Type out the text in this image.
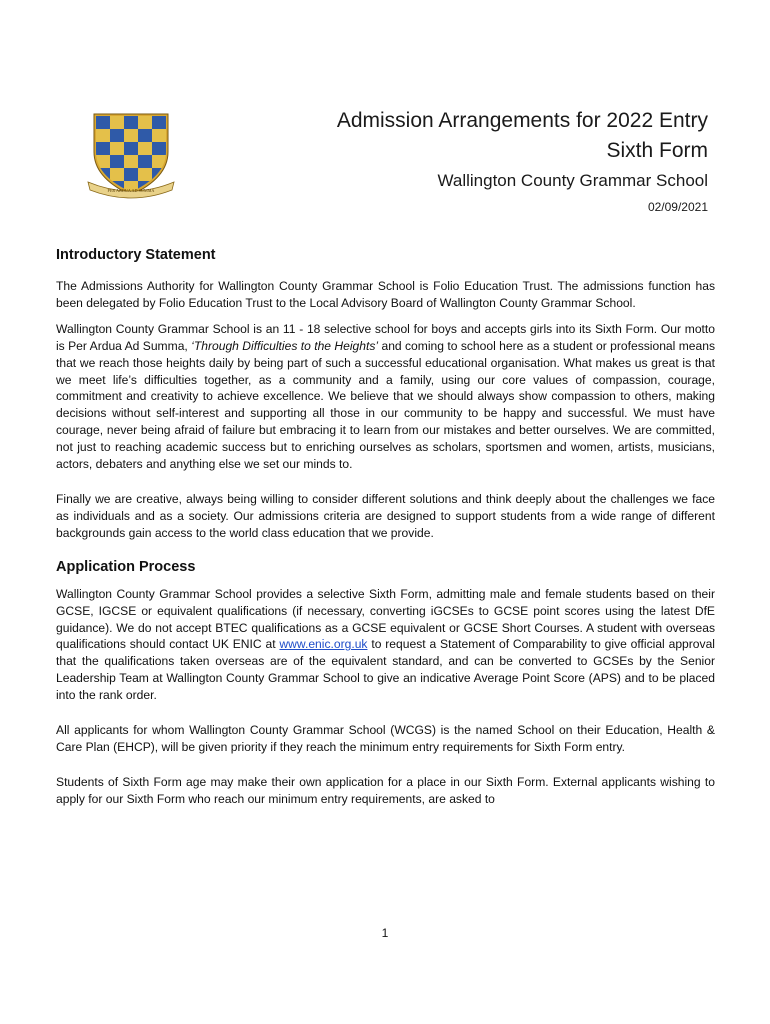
PER ARDUA AD SUMMA
Admission Arrangements for 2022 Entry
Sixth Form
Wallington County Grammar School
02/09/2021
Introductory Statement

The Admissions Authority for Wallington County Grammar School is Folio Education Trust. The admissions function has been delegated by Folio Education Trust to the Local Advisory Board of Wallington County Grammar School.

Wallington County Grammar School is an 11 - 18 selective school for boys and accepts girls into its Sixth Form. Our motto is Per Ardua Ad Summa, ‘Through Difficulties to the Heights’ and coming to school here as a student or professional means that we reach those heights daily by being part of such a successful educational organisation. What makes us great is that we meet life’s difficulties together, as a community and a family, using our core values of compassion, courage, commitment and creativity to achieve excellence. We believe that we should always show compassion to others, making decisions without self-interest and supporting all those in our community to be happy and successful. We must have courage, never being afraid of failure but embracing it to learn from our mistakes and better ourselves. We are committed, not just to reaching academic success but to enriching ourselves as scholars, sportsmen and women, artists, musicians, actors, debaters and anything else we set our minds to.

Finally we are creative, always being willing to consider different solutions and think deeply about the challenges we face as individuals and as a society. Our admissions criteria are designed to support students from a wide range of different backgrounds gain access to the world class education that we provide.

Application Process

Wallington County Grammar School provides a selective Sixth Form, admitting male and female students based on their GCSE, IGCSE or equivalent qualifications (if necessary, converting iGCSEs to GCSE point scores using the latest DfE guidance). We do not accept BTEC qualifications as a GCSE equivalent or GCSE Short Courses. A student with overseas qualifications should contact UK ENIC at www.enic.org.uk to request a Statement of Comparability to give official approval that the qualifications taken overseas are of the equivalent standard, and can be converted to GCSEs by the Senior Leadership Team at Wallington County Grammar School to give an indicative Average Point Score (APS) and to be placed into the rank order.

All applicants for whom Wallington County Grammar School (WCGS) is the named School on their Education, Health & Care Plan (EHCP), will be given priority if they reach the minimum entry requirements for Sixth Form entry.

Students of Sixth Form age may make their own application for a place in our Sixth Form. External applicants wishing to apply for our Sixth Form who reach our minimum entry requirements, are asked to

1
